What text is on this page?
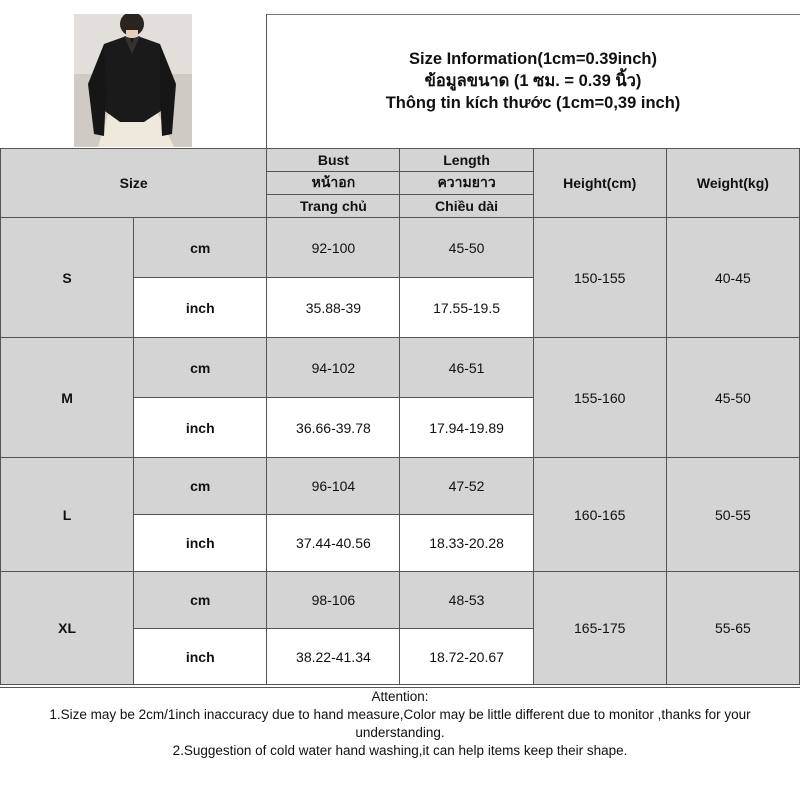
Size Information(1cm=0.39inch)
ข้อมูลขนาด (1 ซม. = 0.39 นิ้ว)
Thông tin kích thước (1cm=0,39 inch)
Size		Bust	Length	Height(cm)	Weight(kg)
		หน้าอก	ความยาว		
		Trang chủ	Chiều dài		
S	cm	92-100	45-50	150-155	40-45
	inch	35.88-39	17.55-19.5		
M	cm	94-102	46-51	155-160	45-50
	inch	36.66-39.78	17.94-19.89		
L	cm	96-104	47-52	160-165	50-55
	inch	37.44-40.56	18.33-20.28		
XL	cm	98-106	48-53	165-175	55-65
	inch	38.22-41.34	18.72-20.67		
Attention:
1.Size may be 2cm/1inch inaccuracy due to hand measure,Color may be little different due to monitor ,thanks for your understanding.
2.Suggestion of cold water hand washing,it can help items keep their shape.
